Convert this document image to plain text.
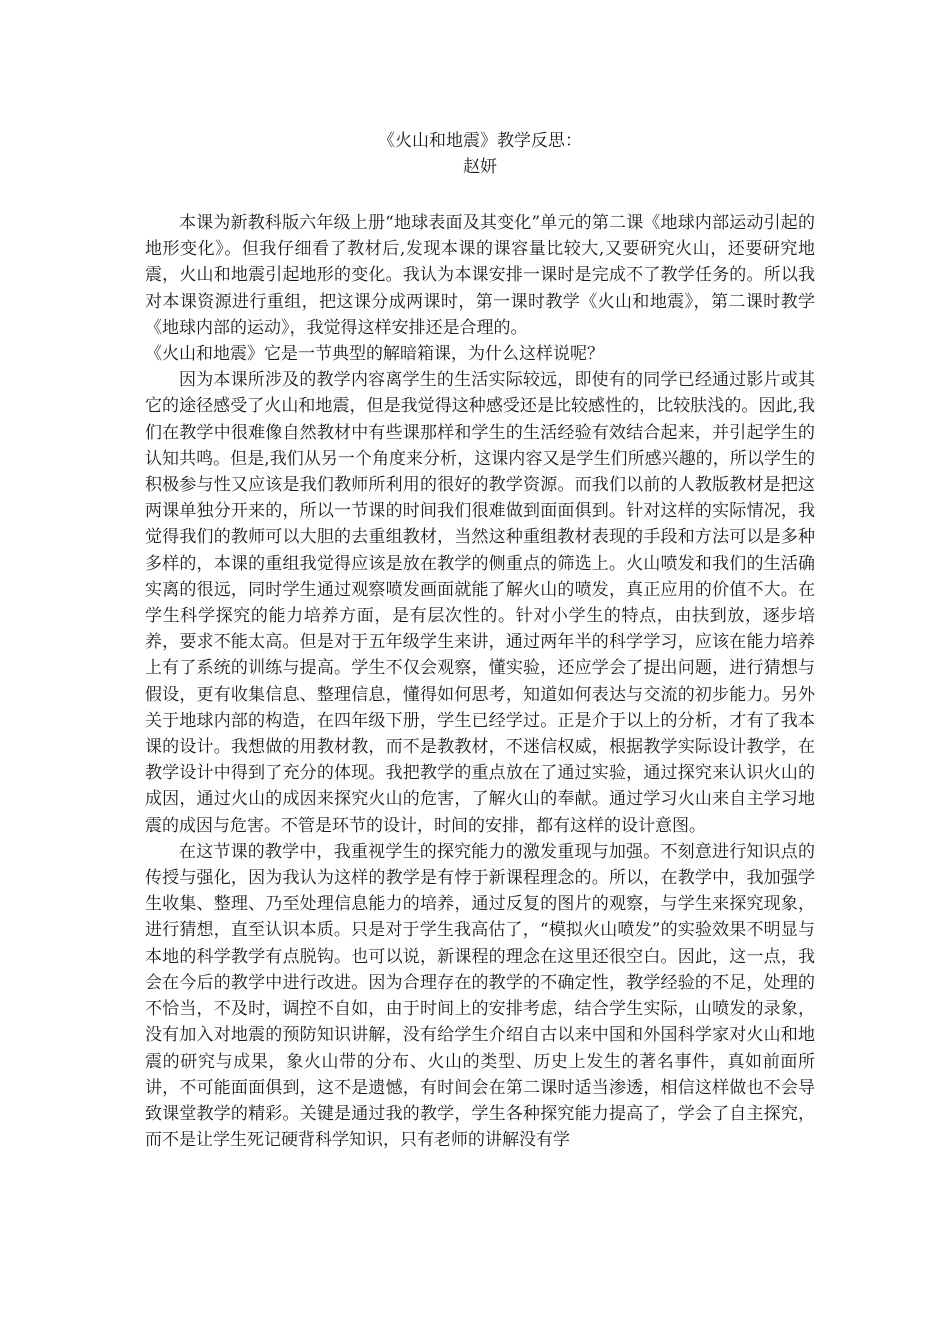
《火山和地震》教学反思：
赵妍

本课为新教科版六年级上册“地球表面及其变化”单元的第二课《地球内部运动引起的地形变化》。但我仔细看了教材后,发现本课的课容量比较大,又要研究火山，还要研究地震，火山和地震引起地形的变化。我认为本课安排一课时是完成不了教学任务的。所以我对本课资源进行重组，把这课分成两课时，第一课时教学《火山和地震》，第二课时教学《地球内部的运动》，我觉得这样安排还是合理的。

《火山和地震》它是一节典型的解暗箱课，为什么这样说呢？

因为本课所涉及的教学内容离学生的生活实际较远，即使有的同学已经通过影片或其它的途径感受了火山和地震，但是我觉得这种感受还是比较感性的，比较肤浅的。因此,我们在教学中很难像自然教材中有些课那样和学生的生活经验有效结合起来，并引起学生的认知共鸣。但是,我们从另一个角度来分析，这课内容又是学生们所感兴趣的，所以学生的积极参与性又应该是我们教师所利用的很好的教学资源。而我们以前的人教版教材是把这两课单独分开来的，所以一节课的时间我们很难做到面面俱到。针对这样的实际情况，我觉得我们的教师可以大胆的去重组教材，当然这种重组教材表现的手段和方法可以是多种多样的，本课的重组我觉得应该是放在教学的侧重点的筛选上。火山喷发和我们的生活确实离的很远，同时学生通过观察喷发画面就能了解火山的喷发，真正应用的价值不大。在学生科学探究的能力培养方面，是有层次性的。针对小学生的特点，由扶到放，逐步培养，要求不能太高。但是对于五年级学生来讲，通过两年半的科学学习，应该在能力培养上有了系统的训练与提高。学生不仅会观察，懂实验，还应学会了提出问题，进行猜想与假设，更有收集信息、整理信息，懂得如何思考，知道如何表达与交流的初步能力。另外关于地球内部的构造，在四年级下册，学生已经学过。正是介于以上的分析，才有了我本课的设计。我想做的用教材教，而不是教教材，不迷信权威，根据教学实际设计教学，在教学设计中得到了充分的体现。我把教学的重点放在了通过实验，通过探究来认识火山的成因，通过火山的成因来探究火山的危害，了解火山的奉献。通过学习火山来自主学习地震的成因与危害。不管是环节的设计，时间的安排，都有这样的设计意图。

在这节课的教学中，我重视学生的探究能力的激发重现与加强。不刻意进行知识点的传授与强化，因为我认为这样的教学是有悖于新课程理念的。所以，在教学中，我加强学生收集、整理、乃至处理信息能力的培养，通过反复的图片的观察，与学生来探究现象，进行猜想，直至认识本质。只是对于学生我高估了，“模拟火山喷发”的实验效果不明显与本地的科学教学有点脱钩。也可以说，新课程的理念在这里还很空白。因此，这一点，我会在今后的教学中进行改进。因为合理存在的教学的不确定性，教学经验的不足，处理的不恰当，不及时，调控不自如，由于时间上的安排考虑，结合学生实际，山喷发的录象，没有加入对地震的预防知识讲解，没有给学生介绍自古以来中国和外国科学家对火山和地震的研究与成果，象火山带的分布、火山的类型、历史上发生的著名事件，真如前面所讲，不可能面面俱到，这不是遗憾，有时间会在第二课时适当渗透，相信这样做也不会导致课堂教学的精彩。关键是通过我的教学，学生各种探究能力提高了，学会了自主探究，而不是让学生死记硬背科学知识，只有老师的讲解没有学
